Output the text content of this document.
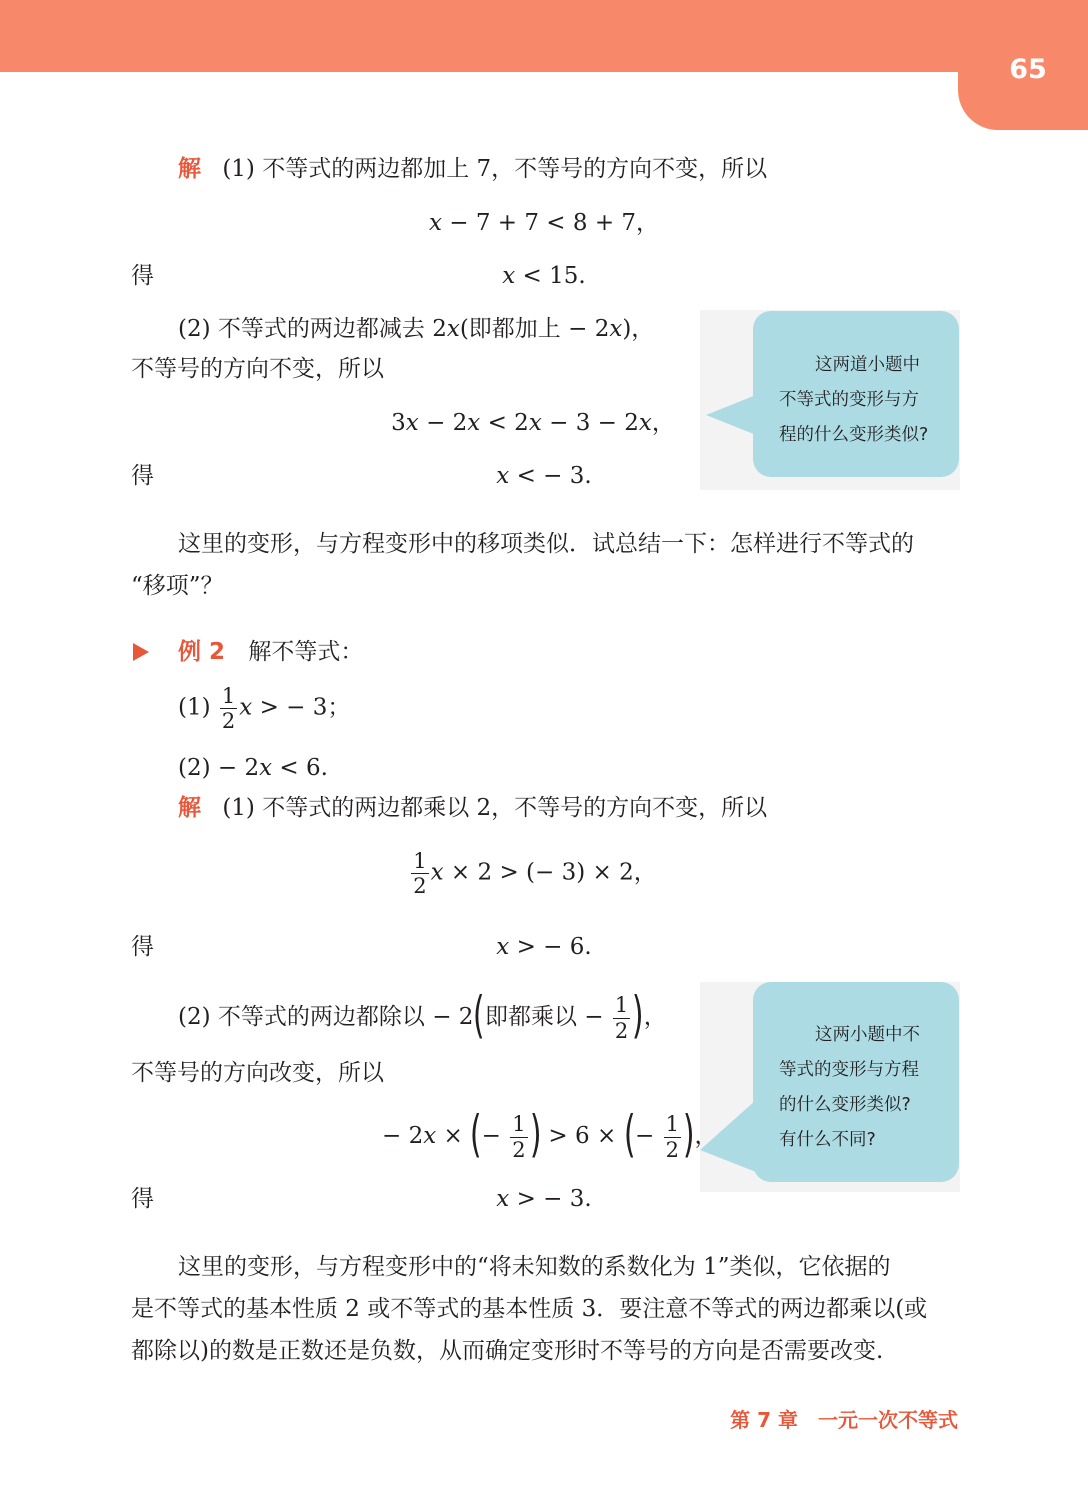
65
解 (1) 不等式的两边都加上 7，不等号的方向不变，所以
x − 7 + 7 < 8 + 7，
得	x < 15.
(2) 不等式的两边都减去 2x(即都加上 − 2x)，
不等号的方向不变，所以
3x − 2x < 2x − 3 − 2x，
得	x < − 3.
这两道小题中
不等式的变形与方
程的什么变形类似?
这里的变形，与方程变形中的移项类似．试总结一下：怎样进行不等式的
“移项”？
例 2 解不等式：
$(1) \frac{1}{2}$ x > − 3；
(2) − 2x < 6.
解 (1) 不等式的两边都乘以 2，不等号的方向不变，所以
$\frac{1}{2}$ x × 2 > (− 3) × 2，
得	x > − 6.
(2) 不等式的两边都除以 − 2(即都乘以 − $\frac{1}{2}$ )，
不等号的方向改变，所以
− 2x × (− $\frac{1}{2}$ ) > 6 × (− $\frac{1}{2}$ )，
得	x > − 3.
这两小题中不
等式的变形与方程
的什么变形类似?
有什么不同?
这里的变形，与方程变形中的“将未知数的系数化为 1”类似，它依据的
是不等式的基本性质 2 或不等式的基本性质 3．要注意不等式的两边都乘以(或
都除以)的数是正数还是负数，从而确定变形时不等号的方向是否需要改变.
第 7 章　一元一次不等式
